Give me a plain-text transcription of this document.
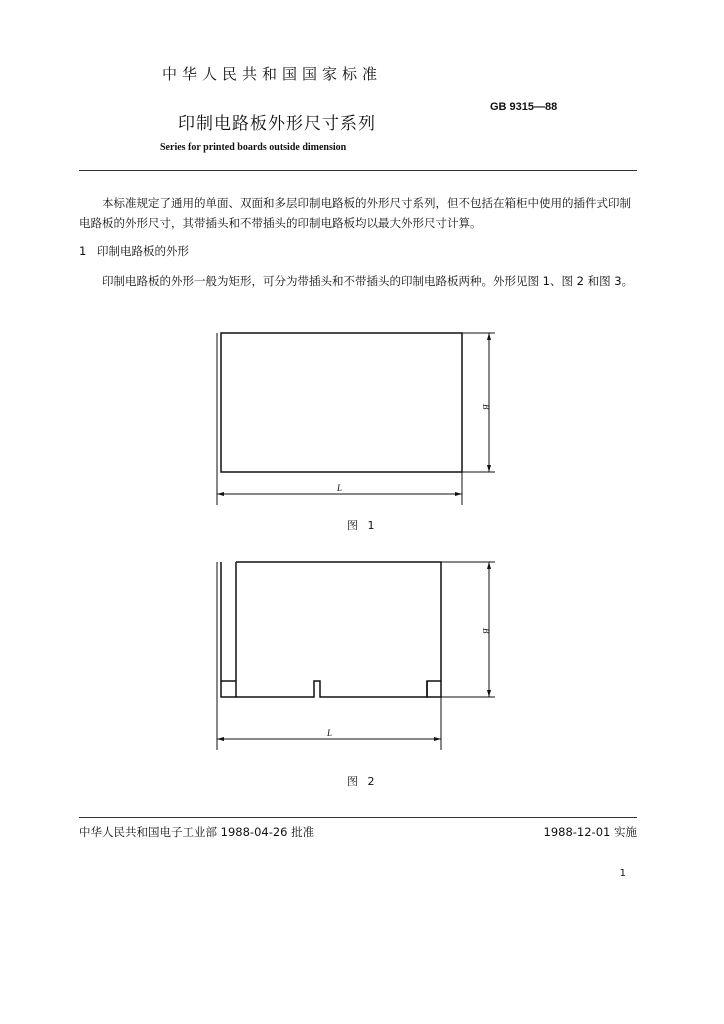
中华人民共和国国家标准
印制电路板外形尺寸系列
GB 9315—88
Series for printed boards outside dimension

本标准规定了通用的单面、双面和多层印制电路板的外形尺寸系列，但不包括在箱柜中使用的插件式印制电路板的外形尺寸，其带插头和不带插头的印制电路板均以最大外形尺寸计算。

1 印制电路板的外形

印制电路板的外形一般为矩形，可分为带插头和不带插头的印制电路板两种。外形见图 1、图 2 和图 3。

L
B
图 1
L
B
图 2
中华人民共和国电子工业部 1988-04-26 批准	1988-12-01 实施
1
